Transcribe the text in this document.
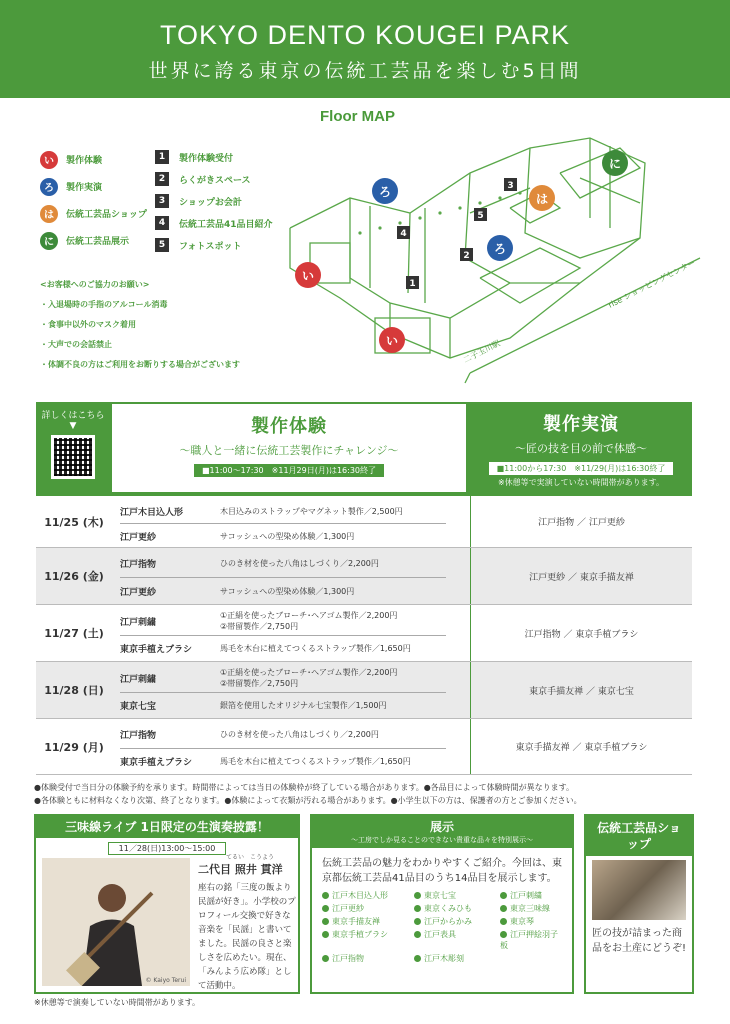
TOKYO DENTO KOUGEI PARK
世界に誇る東京の伝統工芸品を楽しむ5日間
Floor MAP
い	製作体験
ろ	製作実演
は	伝統工芸品ショップ
に	伝統工芸品展示
1	製作体験受付
2	らくがきスペース
3	ショップお会計
4	伝統工芸品41品目紹介
5	フォトスポット
<お客様へのご協力のお願い>
・入退場時の手指のアルコール消毒
・食事中以外のマスク着用
・大声での会話禁止
・体調不良の方はご利用をお断りする場合がございます
に
は
ろ
ろ
い
い
3
5
4
2
1	rise ショッピングセンター
二子玉川駅
詳しくはこちら
▼	製作体験
～職人と一緒に伝統工芸製作にチャレンジ～
■11:00～17:30　※11月29日(月)は16:30終了
製作実演
～匠の技を目の前で体感～
■11:00から17:30　※11/29(月)は16:30終了
※休憩等で実演していない時間帯があります。
11/25 (木)
江戸木目込人形	木目込みのストラップやマグネット製作／2,500円
江戸更紗	サコッシュへの型染め体験／1,300円
江戸指物 ／ 江戸更紗
11/26 (金)
江戸指物	ひのき材を使った八角はしづくり／2,200円
江戸更紗	サコッシュへの型染め体験／1,300円
江戸更紗 ／ 東京手描友禅
11/27 (土)
江戸刺繍
①正絹を使ったブローチ･ヘアゴム製作／2,200円
②帯留製作／2,750円
東京手植えブラシ	馬毛を木台に植えてつくるストラップ製作／1,650円
江戸指物 ／ 東京手植ブラシ
11/28 (日)
江戸刺繍
①正絹を使ったブローチ･ヘアゴム製作／2,200円
②帯留製作／2,750円
東京七宝	銀箔を使用したオリジナル七宝製作／1,500円
東京手描友禅 ／ 東京七宝
11/29 (月)
江戸指物	ひのき材を使った八角はしづくり／2,200円
東京手植えブラシ	馬毛を木台に植えてつくるストラップ製作／1,650円
東京手描友禅 ／ 東京手植ブラシ
●体験受付で当日分の体験予約を承ります。時間帯によっては当日の体験枠が終了している場合があります。●各品目によって体験時間が異なります。
●各体験ともに材料なくなり次第、終了となります。●体験によって衣類が汚れる場合があります。●小学生以下の方は、保護者の方とご参加ください。
三味線ライブ 1日限定の生演奏披露！
11／28(日)13:00～15:00
© Kaiyo Terui
てるい　こうよう
二代目 照井 貫洋
座右の銘「三度の飯より民謡が好き」。小学校のプロフィール交換で好きな音楽を「民謡」と書いてました。民謡の良さと楽しさを広めたい。現在、「みんよう広め隊」として活動中。
※休憩等で演奏していない時間帯があります。
展示
～工房でしか見ることのできない貴重な品々を特別展示～
伝統工芸品の魅力をわかりやすくご紹介。今回は、東京都伝統工芸品41品目のうち14品目を展示します。
江戸木目込人形	東京七宝	江戸刺繍
江戸更紗	東京くみひも	東京三味線
東京手描友禅	江戸からかみ	東京琴
東京手植ブラシ	江戸表具	江戸押絵羽子板
江戸指物	江戸木彫刻
伝統工芸品ショップ
匠の技が詰まった商品をお土産にどうぞ!
